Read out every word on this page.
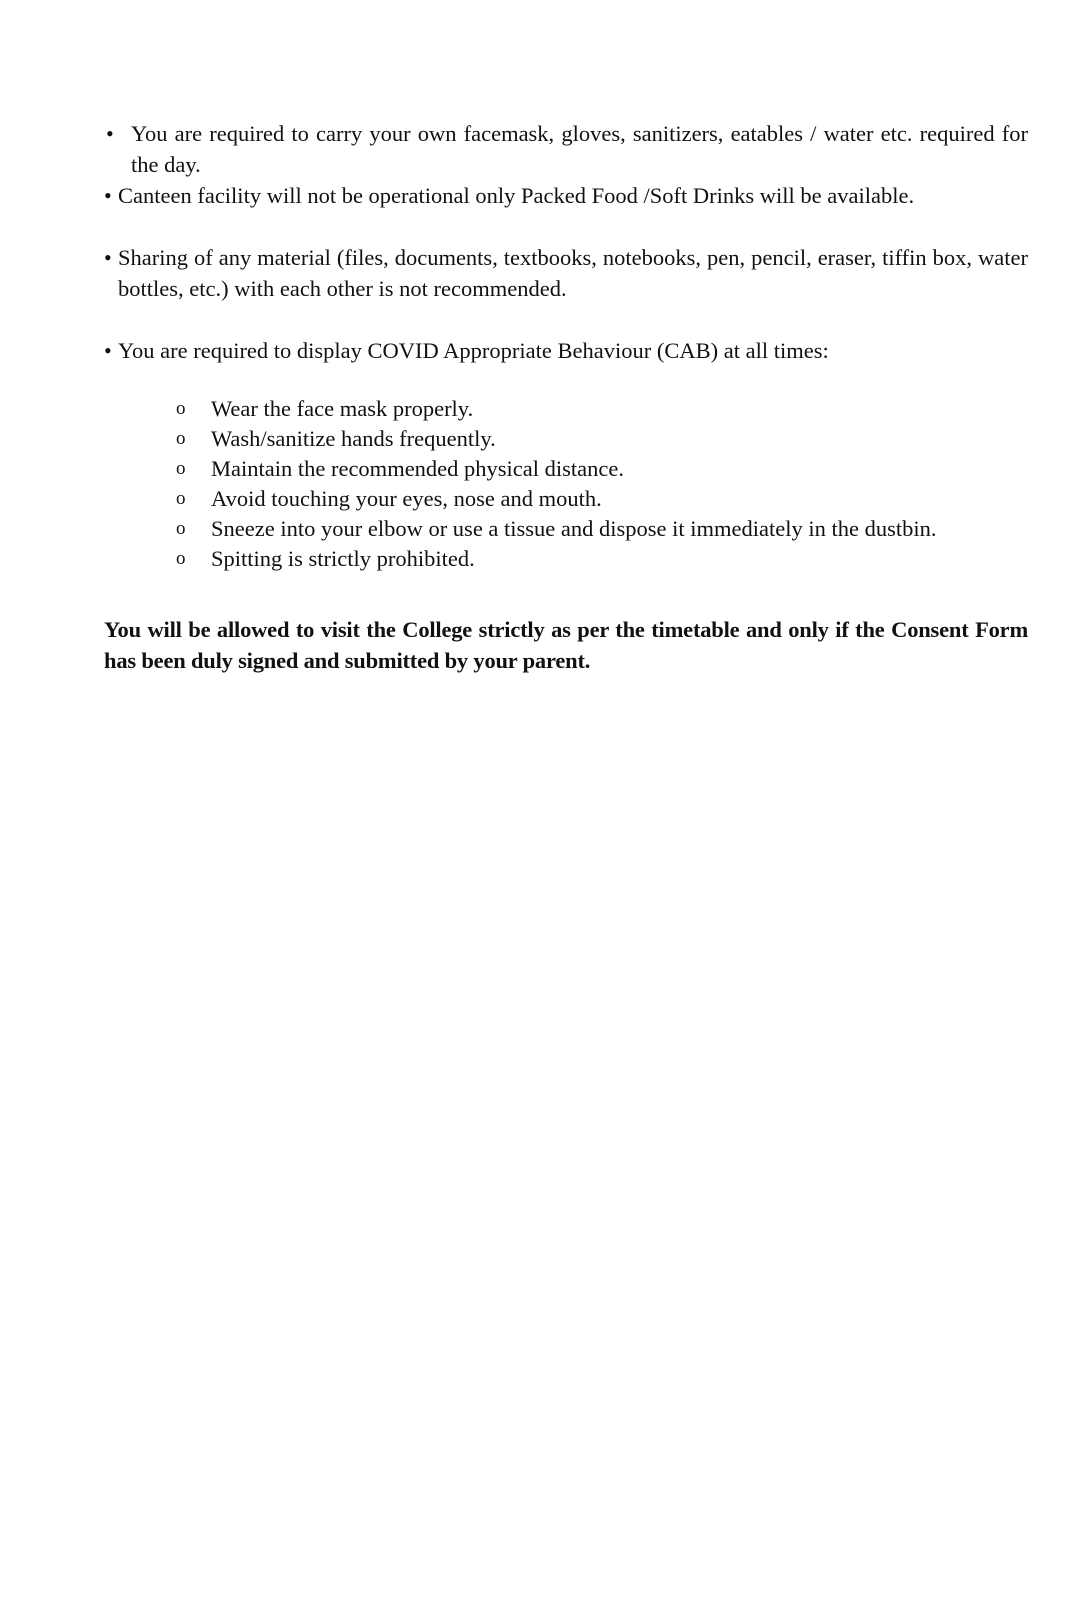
• You are required to carry your own facemask, gloves, sanitizers, eatables / water etc. required for the day.
• Canteen facility will not be operational only Packed Food /Soft Drinks will be available.
• Sharing of any material (files, documents, textbooks, notebooks, pen, pencil, eraser, tiffin box, water bottles, etc.) with each other is not recommended.
• You are required to display COVID Appropriate Behaviour (CAB) at all times:
o Wear the face mask properly.
o Wash/sanitize hands frequently.
o Maintain the recommended physical distance.
o Avoid touching your eyes, nose and mouth.
o Sneeze into your elbow or use a tissue and dispose it immediately in the dustbin.
o Spitting is strictly prohibited.
You will be allowed to visit the College strictly as per the timetable and only if the Consent Form has been duly signed and submitted by your parent.
